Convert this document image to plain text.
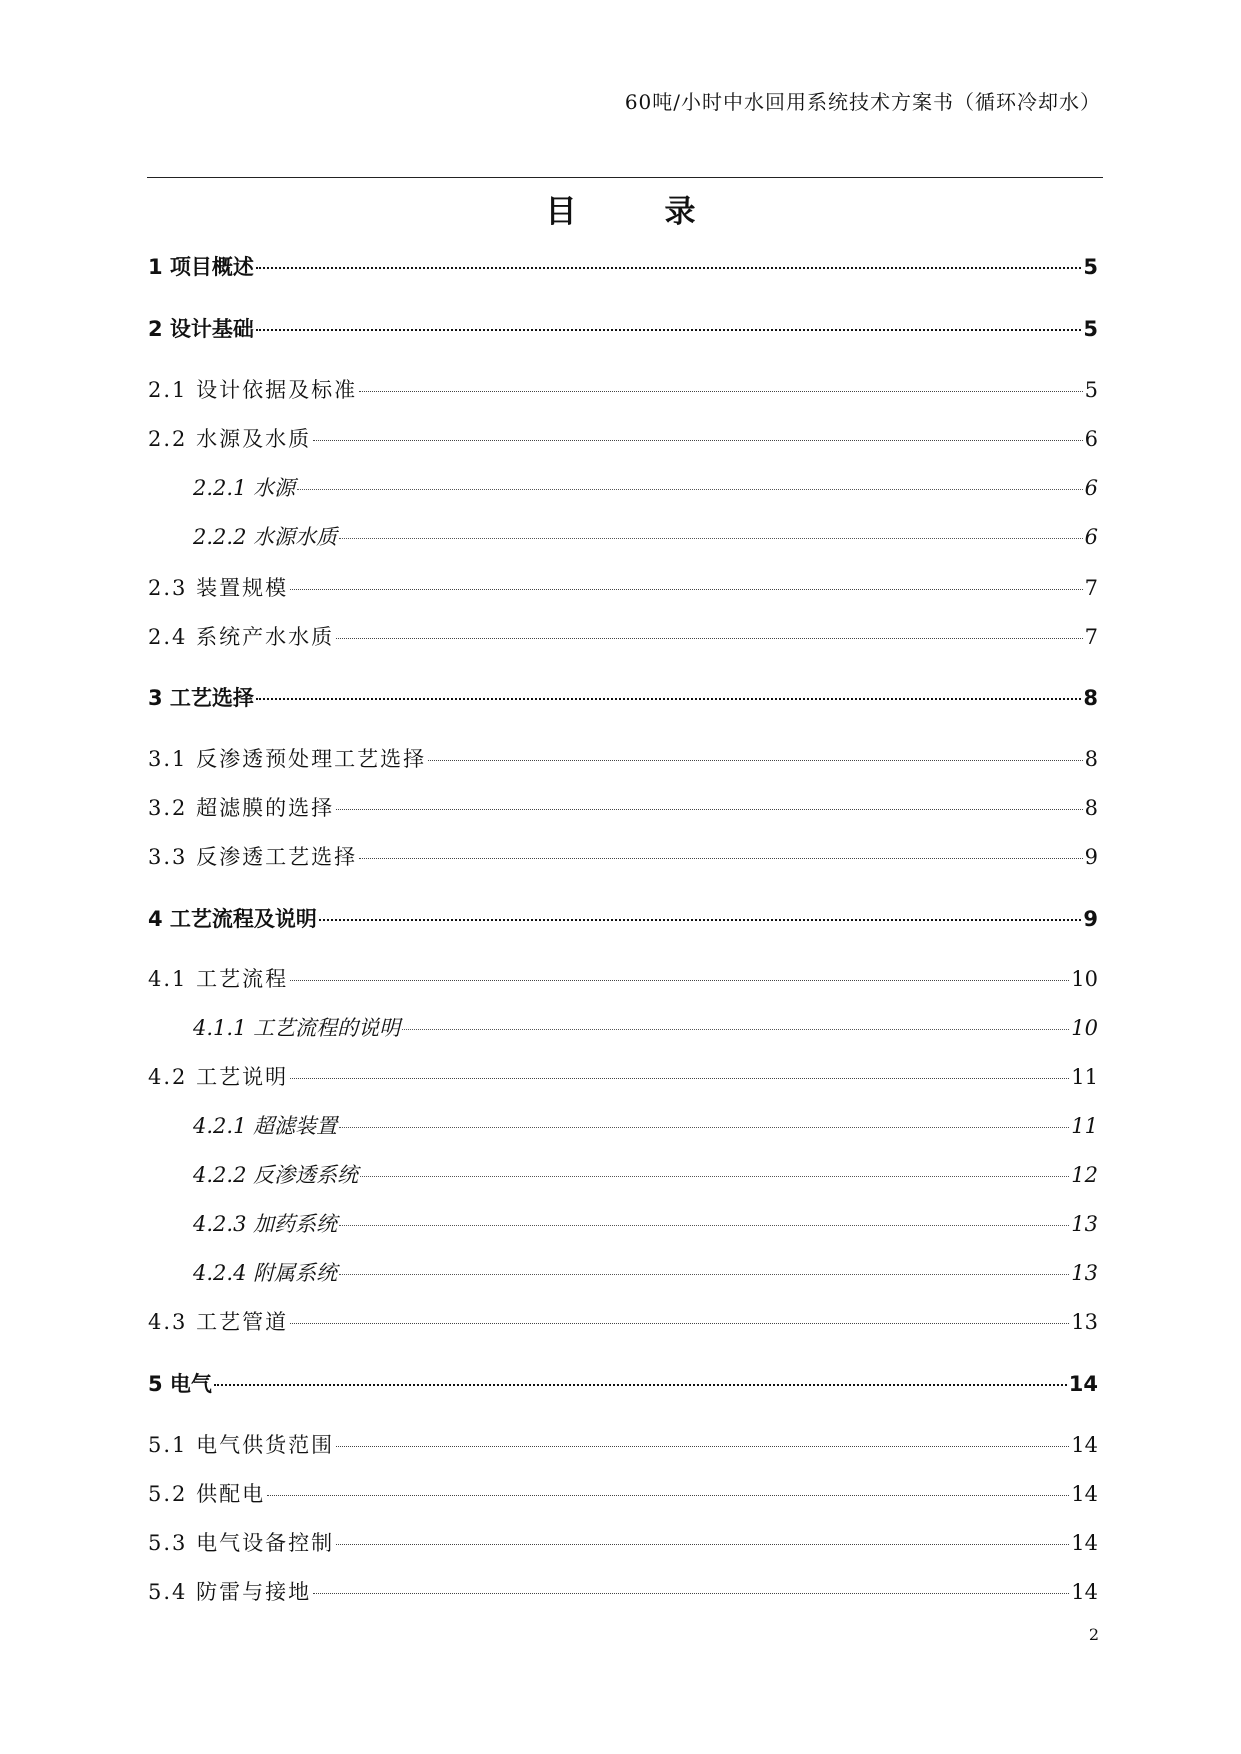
60吨/小时中水回用系统技术方案书（循环冷却水）
目录
1 项目概述	5
2 设计基础	5
2.1 设计依据及标准	5
2.2 水源及水质	6
2.2.1 水源	6
2.2.2 水源水质	6
2.3 装置规模	7
2.4 系统产水水质	7
3 工艺选择	8
3.1 反渗透预处理工艺选择	8
3.2 超滤膜的选择	8
3.3 反渗透工艺选择	9
4 工艺流程及说明	9
4.1 工艺流程	10
4.1.1 工艺流程的说明	10
4.2 工艺说明	11
4.2.1 超滤装置	11
4.2.2 反渗透系统	12
4.2.3 加药系统	13
4.2.4 附属系统	13
4.3 工艺管道	13
5 电气	14
5.1 电气供货范围	14
5.2 供配电	14
5.3 电气设备控制	14
5.4 防雷与接地	14
2
